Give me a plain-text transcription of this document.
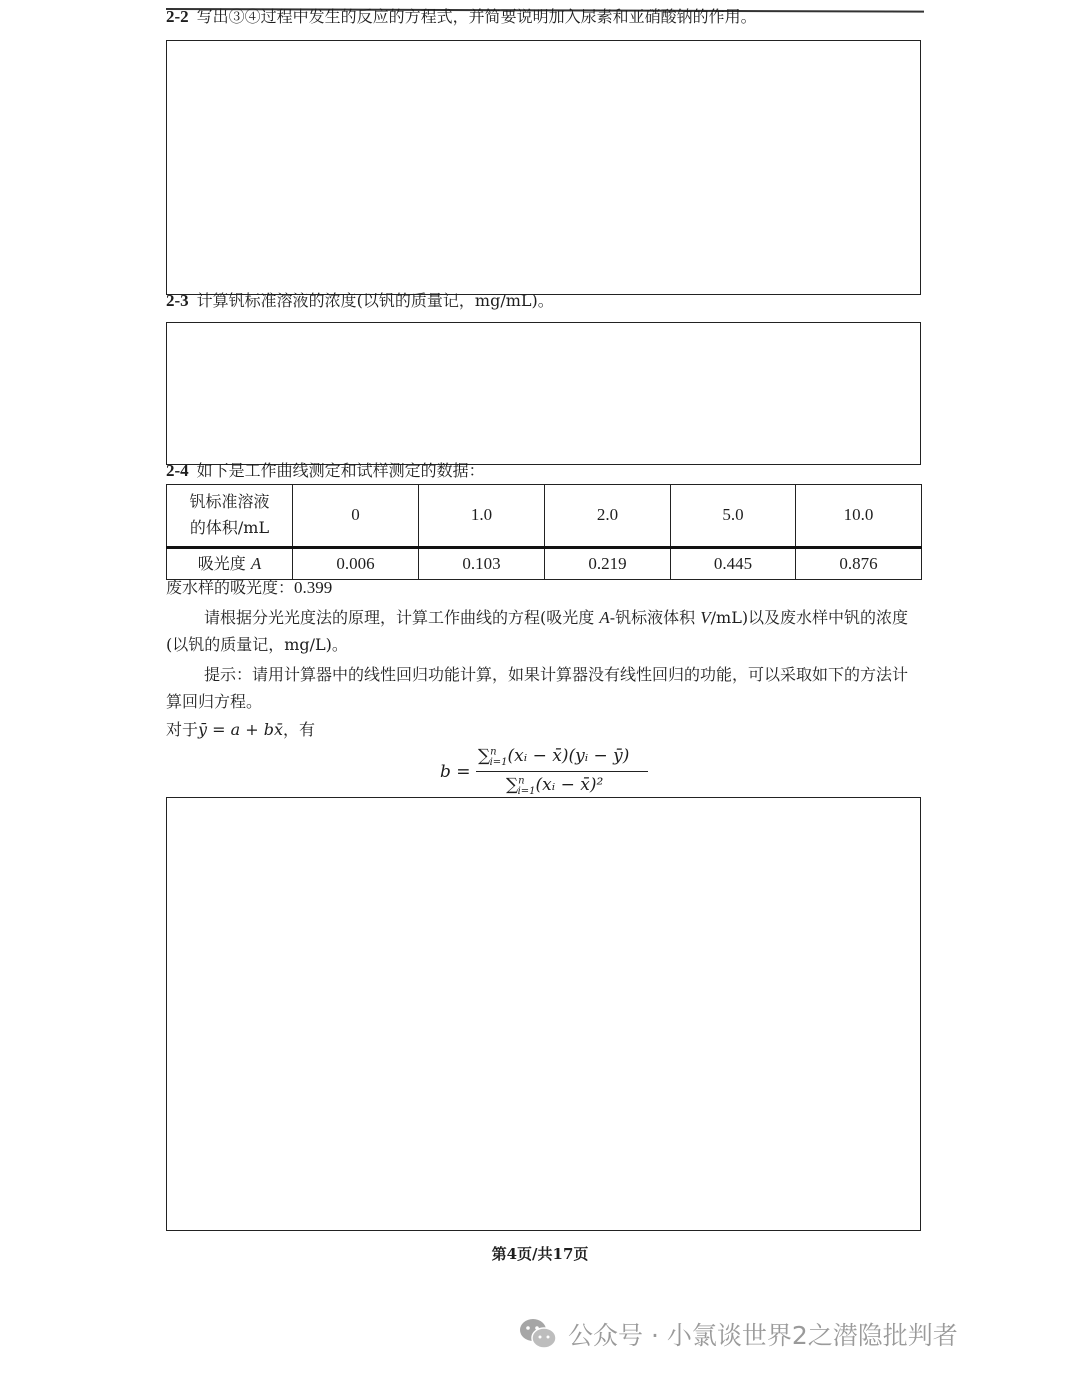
2-2 写出③④过程中发生的反应的方程式，并简要说明加入尿素和亚硝酸钠的作用。
2-3 计算钒标准溶液的浓度(以钒的质量记，mg/mL)。
2-4 如下是工作曲线测定和试样测定的数据：
钒标准溶液
的体积/mL	0	1.0	2.0	5.0	10.0
吸光度 A	0.006	0.103	0.219	0.445	0.876
废水样的吸光度：0.399
请根据分光光度法的原理，计算工作曲线的方程(吸光度 A-钒标液体积 V/mL)以及废水样中钒的浓度(以钒的质量记，mg/L)。
提示：请用计算器中的线性回归功能计算，如果计算器没有线性回归的功能，可以采取如下的方法计算回归方程。
对于ȳ = a + bx̄，有
b =
∑$^n_{i=1}$(xᵢ − x̄)(yᵢ − ȳ)
∑$^n_{i=1}$(xᵢ − x̄)²
第4页/共17页
公众号 · 小氯谈世界2之潜隐批判者
